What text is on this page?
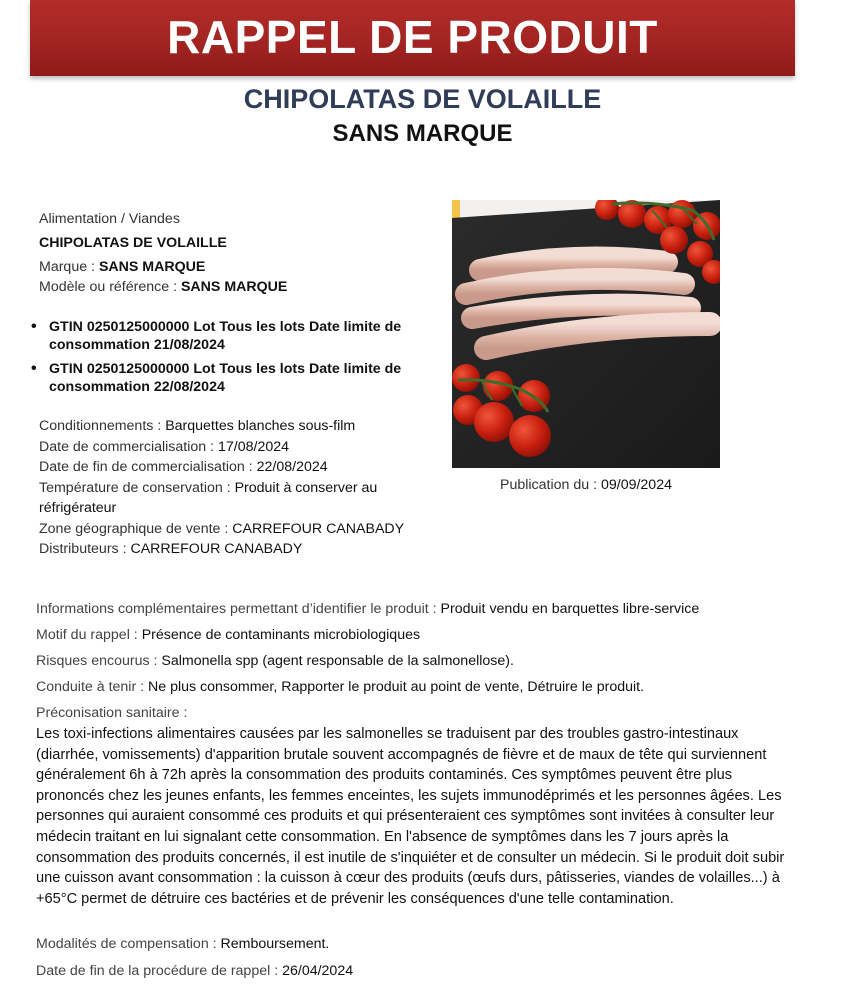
RAPPEL DE PRODUIT
CHIPOLATAS DE VOLAILLE
SANS MARQUE
Alimentation / Viandes
CHIPOLATAS DE VOLAILLE
Marque : SANS MARQUE
Modèle ou référence : SANS MARQUE
• GTIN 0250125000000 Lot Tous les lots Date limite de consommation 21/08/2024
• GTIN 0250125000000 Lot Tous les lots Date limite de consommation 22/08/2024
Conditionnements : Barquettes blanches sous-film
Date de commercialisation : 17/08/2024
Date de fin de commercialisation : 22/08/2024
Température de conservation : Produit à conserver au réfrigérateur
Zone géographique de vente : CARREFOUR CANABADY
Distributeurs : CARREFOUR CANABADY
Publication du : 09/09/2024
Informations complémentaires permettant d’identifier le produit : Produit vendu en barquettes libre-service
Motif du rappel : Présence de contaminants microbiologiques
Risques encourus : Salmonella spp (agent responsable de la salmonellose).
Conduite à tenir : Ne plus consommer, Rapporter le produit au point de vente, Détruire le produit.
Préconisation sanitaire :
Les toxi-infections alimentaires causées par les salmonelles se traduisent par des troubles gastro-intestinaux (diarrhée, vomissements) d'apparition brutale souvent accompagnés de fièvre et de maux de tête qui surviennent généralement 6h à 72h après la consommation des produits contaminés. Ces symptômes peuvent être plus prononcés chez les jeunes enfants, les femmes enceintes, les sujets immunodéprimés et les personnes âgées. Les personnes qui auraient consommé ces produits et qui présenteraient ces symptômes sont invitées à consulter leur médecin traitant en lui signalant cette consommation. En l'absence de symptômes dans les 7 jours après la consommation des produits concernés, il est inutile de s'inquiéter et de consulter un médecin. Si le produit doit subir une cuisson avant consommation : la cuisson à cœur des produits (œufs durs, pâtisseries, viandes de volailles...) à +65°C permet de détruire ces bactéries et de prévenir les conséquences d'une telle contamination.
Modalités de compensation : Remboursement.
Date de fin de la procédure de rappel : 26/04/2024
